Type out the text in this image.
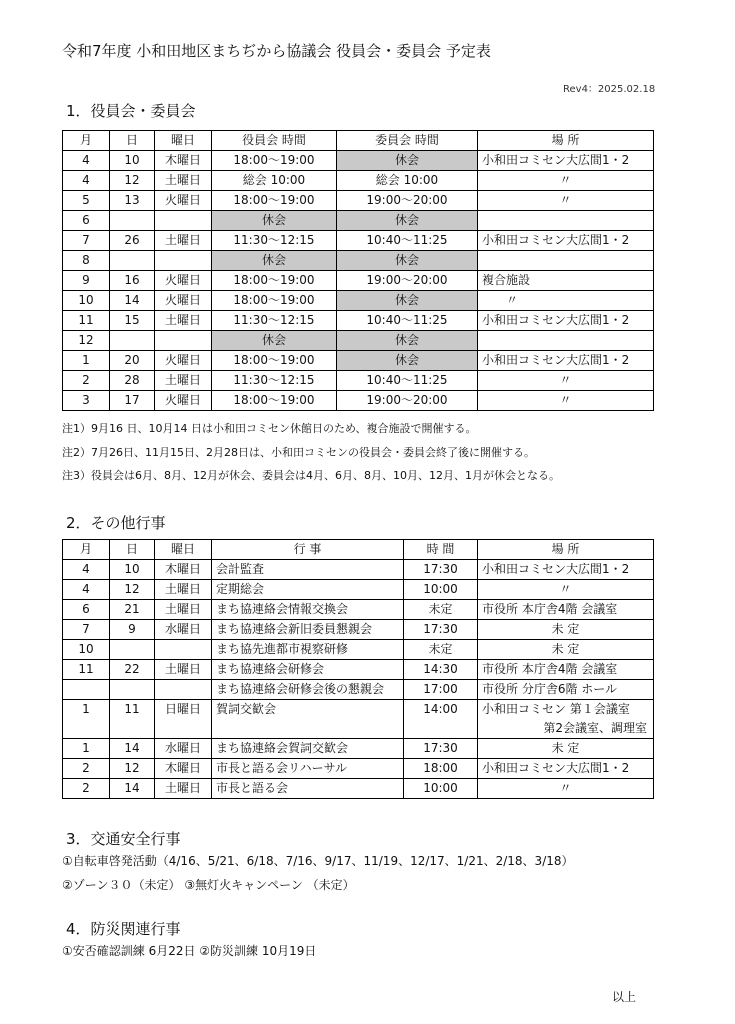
令和7年度 小和田地区まちぢから協議会 役員会・委員会 予定表
Rev4：2025.02.18
1．役員会・委員会
月	日	曜日	役員会 時間	委員会 時間	場 所
4	10	木曜日	18:00～19:00	休会	小和田コミセン大広間1・2
4	12	土曜日	総会 10:00	総会 10:00	〃
5	13	火曜日	18:00～19:00	19:00～20:00	〃
6			休会	休会	
7	26	土曜日	11:30～12:15	10:40～11:25	小和田コミセン大広間1・2
8			休会	休会	
9	16	火曜日	18:00～19:00	19:00～20:00	複合施設
10	14	火曜日	18:00～19:00	休会	〃
11	15	土曜日	11:30～12:15	10:40～11:25	小和田コミセン大広間1・2
12			休会	休会	
1	20	火曜日	18:00～19:00	休会	小和田コミセン大広間1・2
2	28	土曜日	11:30～12:15	10:40～11:25	〃
3	17	火曜日	18:00～19:00	19:00～20:00	〃
注1）9月16 日、10月14 日は小和田コミセン休館日のため、複合施設で開催する。
注2）7月26日、11月15日、2月28日は、小和田コミセンの役員会・委員会終了後に開催する。
注3）役員会は6月、8月、12月が休会、委員会は4月、6月、8月、10月、12月、1月が休会となる。
2．その他行事
月	日	曜日	行 事	時 間	場 所
4	10	木曜日	会計監査	17:30	小和田コミセン大広間1・2
4	12	土曜日	定期総会	10:00	〃
6	21	土曜日	まち協連絡会情報交換会	未定	市役所 本庁舎4階 会議室
7	9	水曜日	まち協連絡会新旧委員懇親会	17:30	未 定
10			まち協先進都市視察研修	未定	未 定
11	22	土曜日	まち協連絡会研修会	14:30	市役所 本庁舎4階 会議室
			まち協連絡会研修会後の懇親会	17:00	市役所 分庁舎6階 ホール
1	11	日曜日	賀詞交歓会	14:00	小和田コミセン 第１会議室
第2会議室、調理室

1	14	水曜日	まち協連絡会賀詞交歓会	17:30	未 定
2	12	木曜日	市長と語る会リハーサル	18:00	小和田コミセン大広間1・2
2	14	土曜日	市長と語る会	10:00	〃
3．交通安全行事
①自転車啓発活動（4/16、5/21、6/18、7/16、9/17、11/19、12/17、1/21、2/18、3/18）
②ゾーン３０（未定） ③無灯火キャンペーン （未定）
4．防災関連行事
①安否確認訓練 6月22日 ②防災訓練 10月19日
以上
